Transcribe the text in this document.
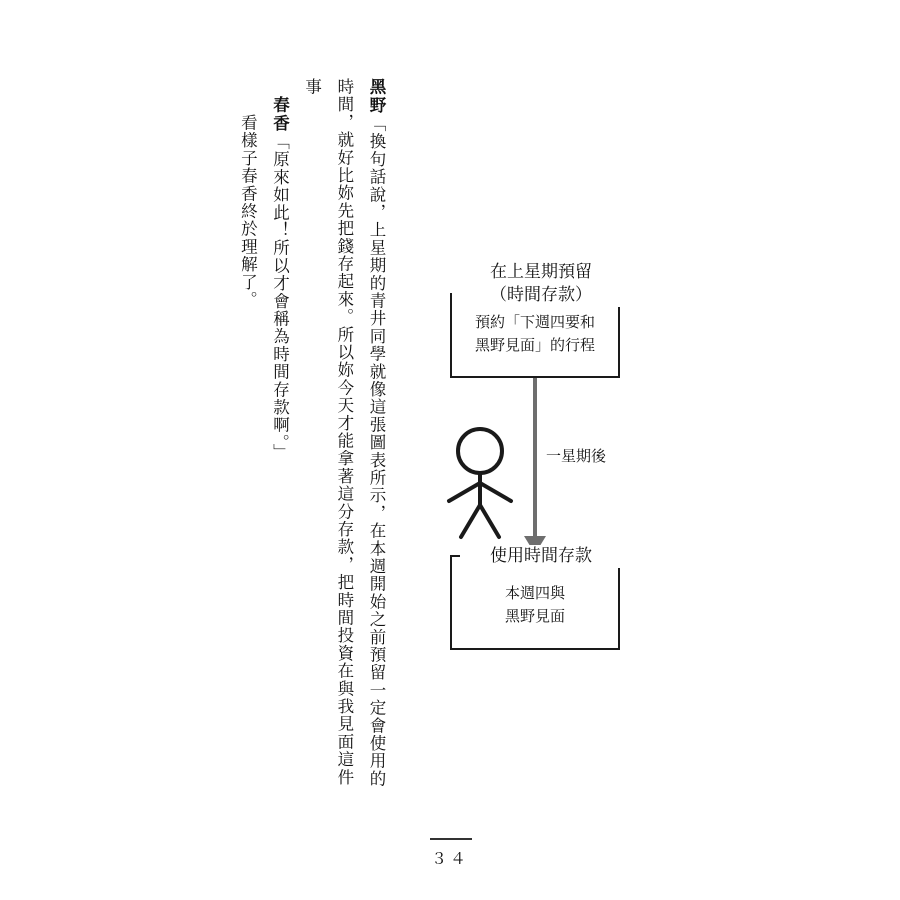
黑野「換句話說，上星期的青井同學就像這張圖表所示，在本週開始之前預留一定會使用的時間，就好比妳先把錢存起來。所以妳今天才能拿著這分存款，把時間投資在與我見面這件事

春香「原來如此！所以才會稱為時間存款啊。」

看樣子春香終於理解了。	在上星期預留
（時間存款）
預約「下週四要和
黑野見面」的行程
一星期後
使用時間存款
本週四與
黑野見面
３４
